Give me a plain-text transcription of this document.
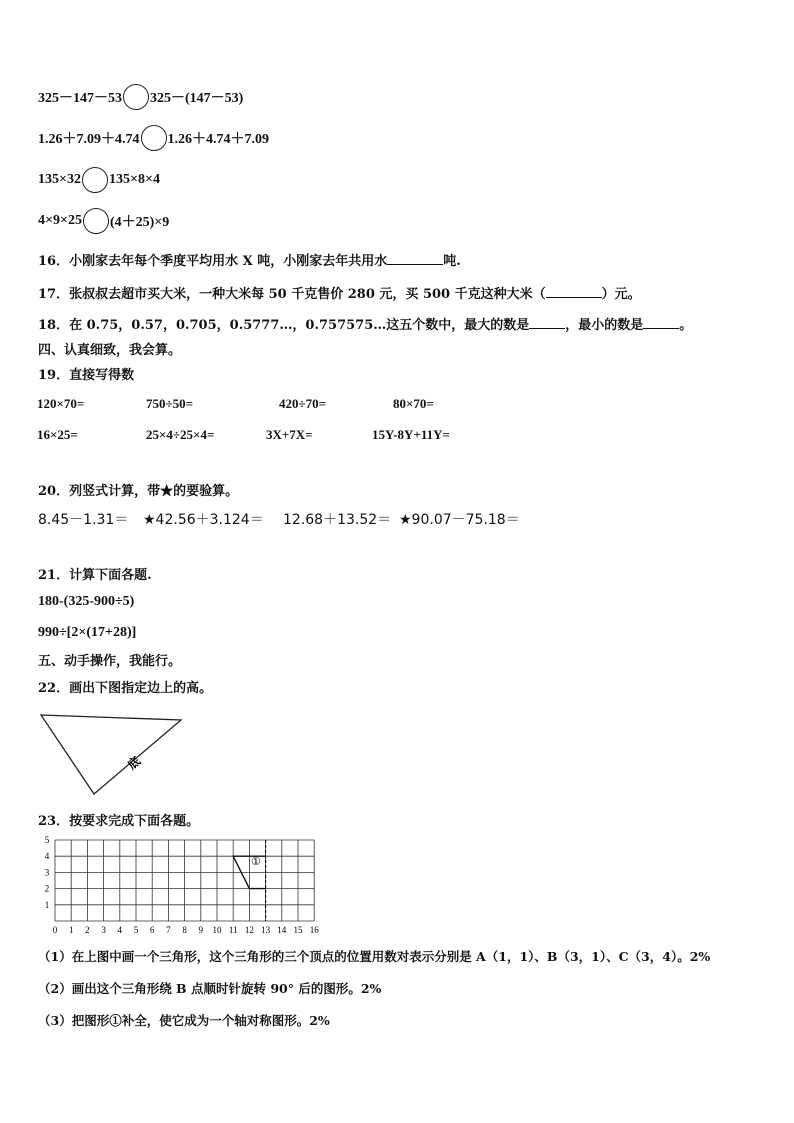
325－147－53 325－(147－53)
1.26＋7.09＋4.74 1.26＋4.74＋7.09
135×32 135×8×4
4×9×25 (4＋25)×9
16．小刚家去年每个季度平均用水 X 吨，小刚家去年共用水	吨.
17．张叔叔去超市买大米，一种大米每 50 千克售价 280 元，买 500 千克这种大米（	）元。
18．在 0.75，0.57，0.705，0.5777…，0.757575…这五个数中，最大的数是	，最小的数是	。
四、认真细致，我会算。
19．直接写得数
120×70=	750÷50=	420÷70=	80×70=
16×25=	25×4÷25×4=	3X+7X=	15Y-8Y+11Y=
20．列竖式计算，带★的要验算。
8.45－1.31＝ ★42.56＋3.124＝ 12.68＋13.52＝ ★90.07－75.18＝
21．计算下面各题.
180-(325-900÷5)
990÷[2×(17+28)]
五、动手操作，我能行。
22．画出下图指定边上的高。
底
23．按要求完成下面各题。
0 1 2 3 4 5 6 7 8 9 10 11 12 13 14 15 16
1
2
3
4
5
①
（1）在上图中画一个三角形，这个三角形的三个顶点的位置用数对表示分别是 A（1，1）、B（3，1）、C（3，4）。2%
（2）画出这个三角形绕 B 点顺时针旋转 90° 后的图形。2%
（3）把图形①补全，使它成为一个轴对称图形。2%
